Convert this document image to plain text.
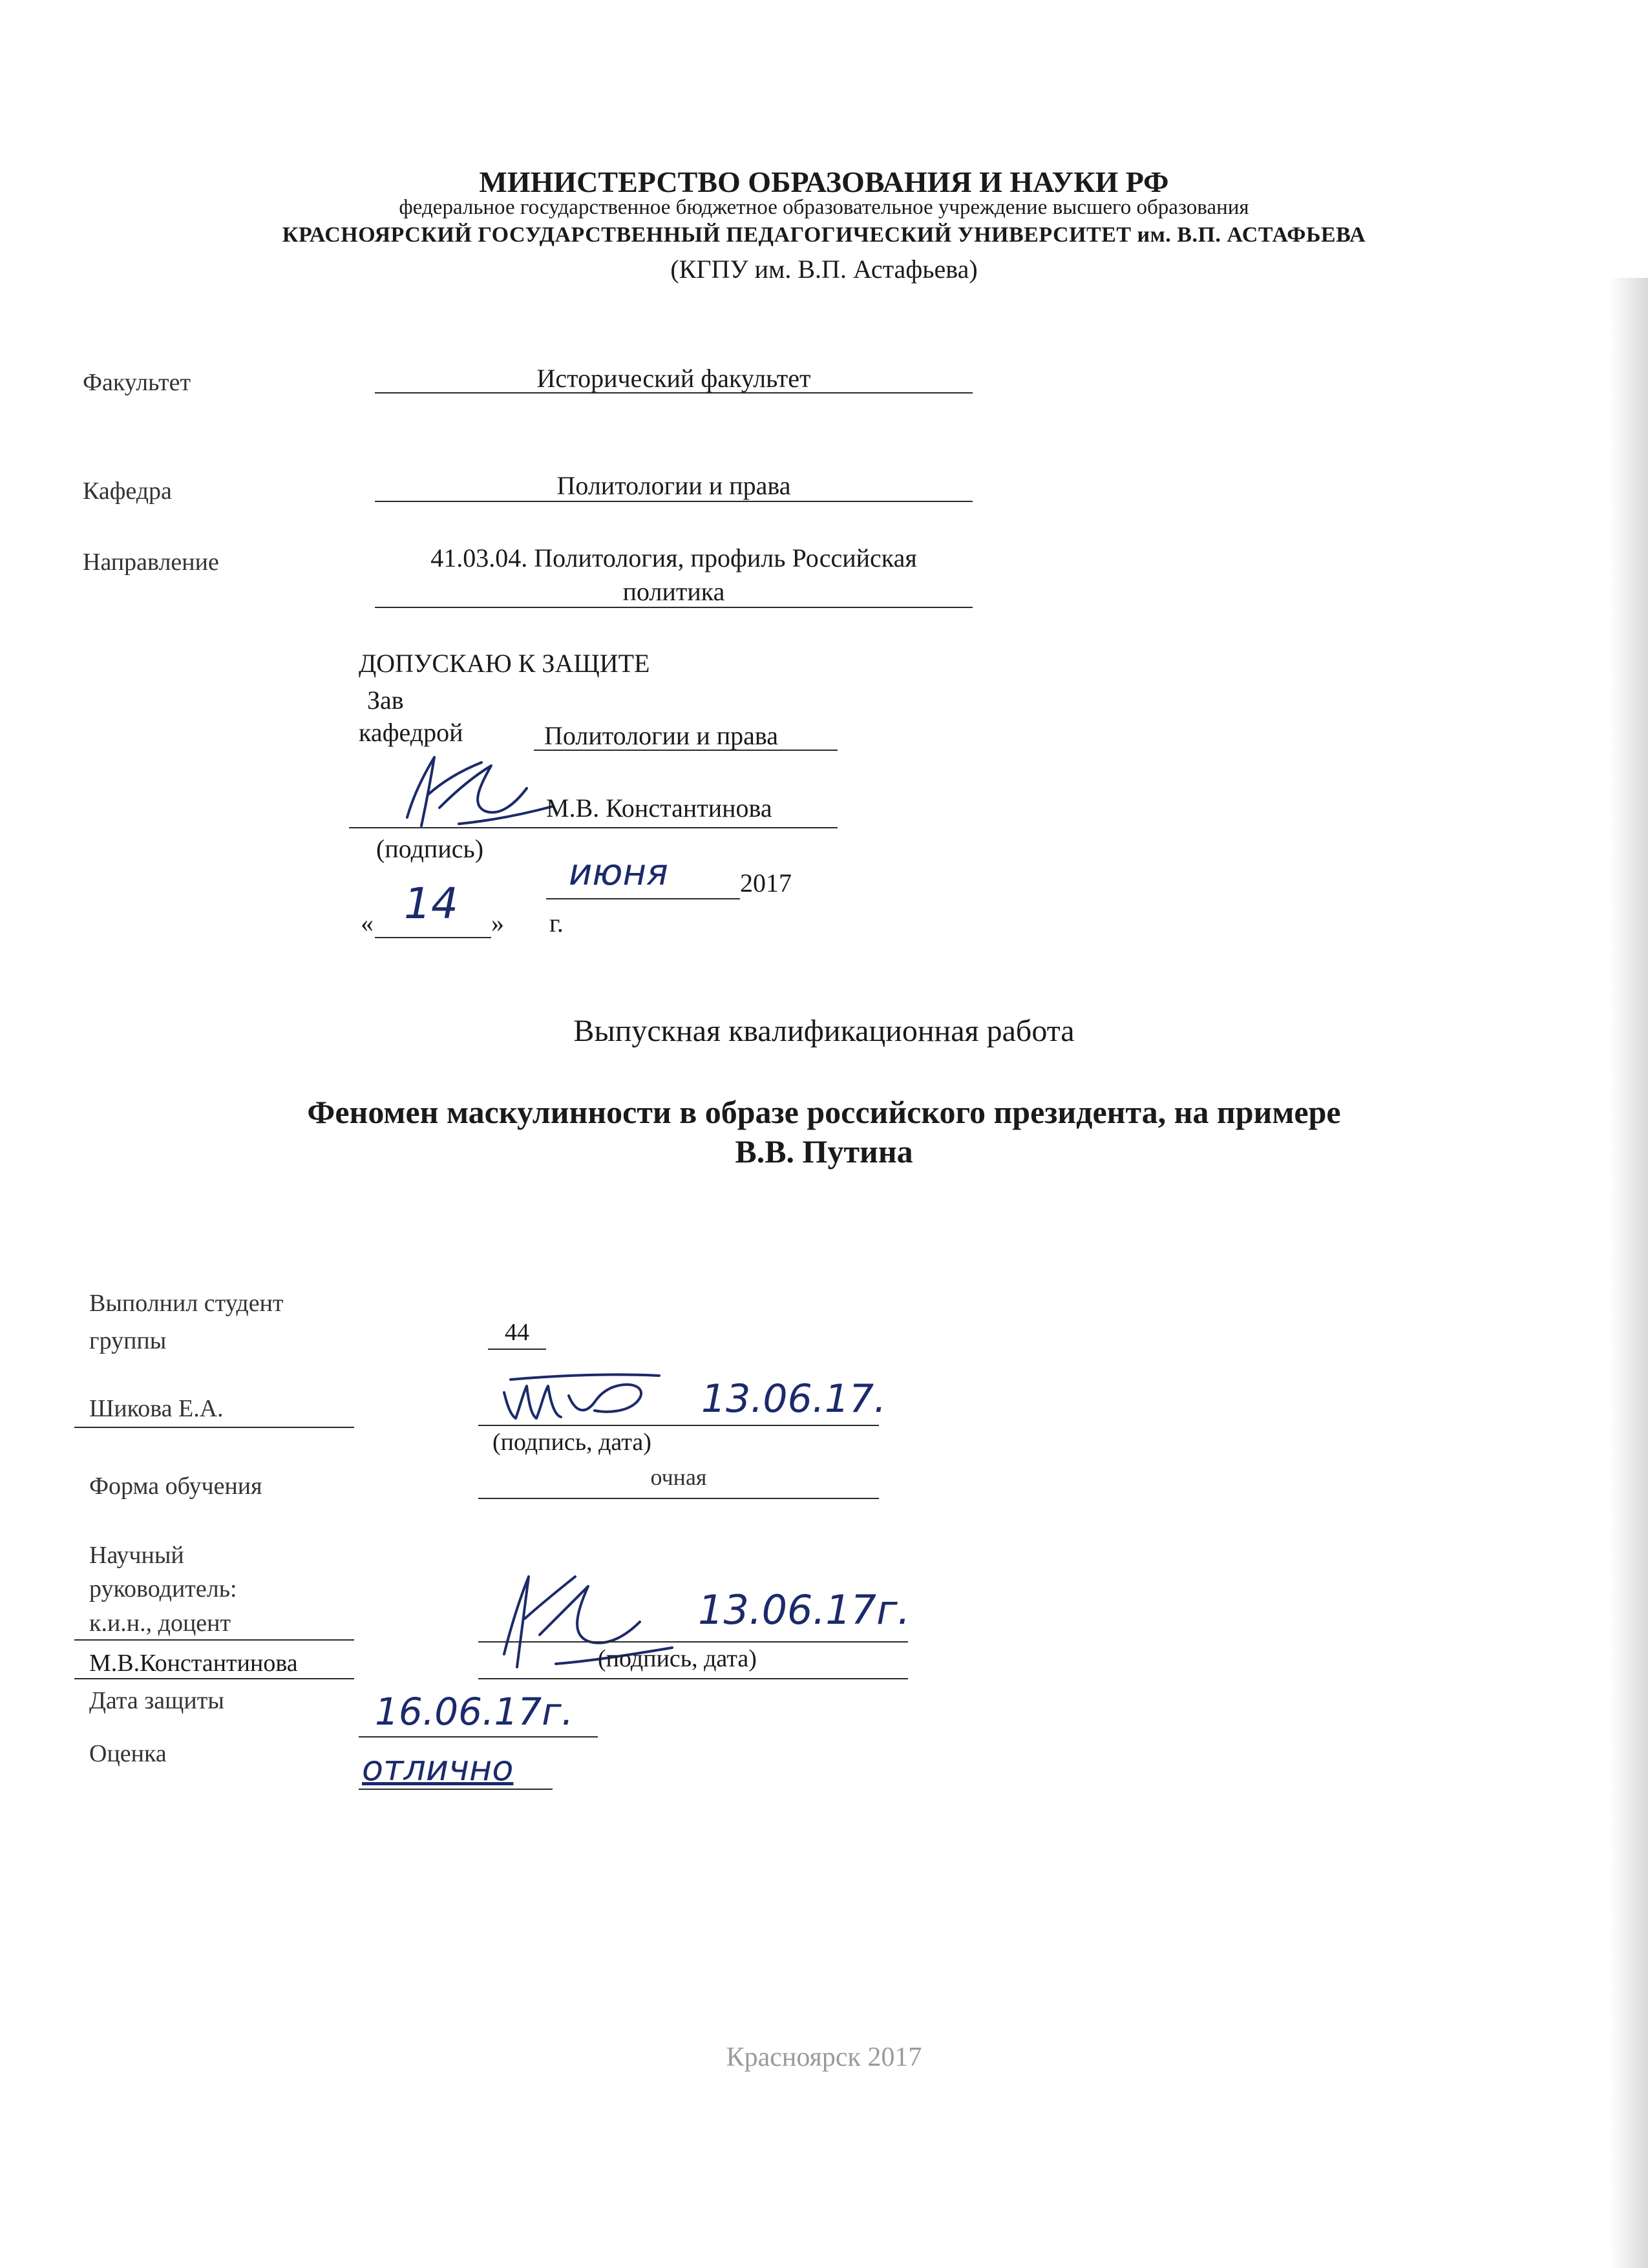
МИНИСТЕРСТВО ОБРАЗОВАНИЯ И НАУКИ РФ
федеральное государственное бюджетное образовательное учреждение высшего образования
КРАСНОЯРСКИЙ ГОСУДАРСТВЕННЫЙ ПЕДАГОГИЧЕСКИЙ УНИВЕРСИТЕТ им. В.П. АСТАФЬЕВА
(КГПУ им. В.П. Астафьева)
Факультет	Исторический факультет
Кафедра	Политологии и права
Направление	41.03.04. Политология, профиль Российская
политика
ДОПУСКАЮ К ЗАЩИТЕ
Зав
кафедрой	Политологии и права
М.В. Константинова
(подпись)
« 14 »
июня	2017
г.
Выпускная квалификационная работа
Феномен маскулинности в образе российского президента, на примере
В.В. Путина
Выполнил студент
группы	44
Шикова Е.А.	13.06.17.
(подпись, дата)
Форма обучения	очная
Научный
руководитель:
к.и.н., доцент
М.В.Константинова
13.06.17г.
(подпись, дата)
Дата защиты	16.06.17г.
Оценка	отлично
Красноярск 2017
